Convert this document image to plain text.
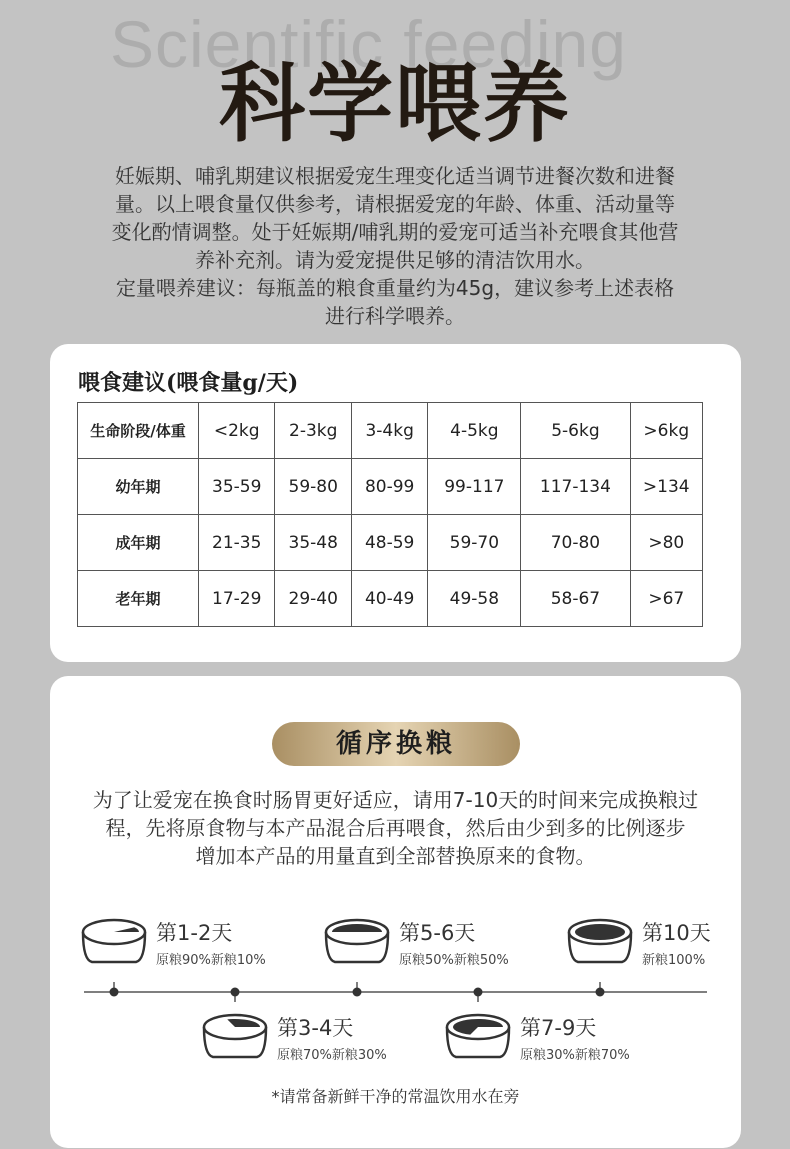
Scientific feeding
科学喂养

妊娠期、哺乳期建议根据爱宠生理变化适当调节进餐次数和进餐

量。以上喂食量仅供参考，请根据爱宠的年龄、体重、活动量等

变化酌情调整。处于妊娠期/哺乳期的爱宠可适当补充喂食其他营

养补充剂。请为爱宠提供足够的清洁饮用水。

定量喂养建议：每瓶盖的粮食重量约为45g，建议参考上述表格

进行科学喂养。

喂食建议(喂食量g/天)
生命阶段/体重	<2kg	2-3kg	3-4kg	4-5kg	5-6kg	>6kg
幼年期	35-59	59-80	80-99	99-117	117-134	>134
成年期	21-35	35-48	48-59	59-70	70-80	>80
老年期	17-29	29-40	40-49	49-58	58-67	>67
循序换粮
为了让爱宠在换食时肠胃更好适应，请用7-10天的时间来完成换粮过
程，先将原食物与本产品混合后再喂食，然后由少到多的比例逐步
增加本产品的用量直到全部替换原来的食物。
第1-2天
原粮90%新粮10%
第3-4天
原粮70%新粮30%
第5-6天
原粮50%新粮50%
第7-9天
原粮30%新粮70%
第10天
新粮100%
*请常备新鲜干净的常温饮用水在旁
